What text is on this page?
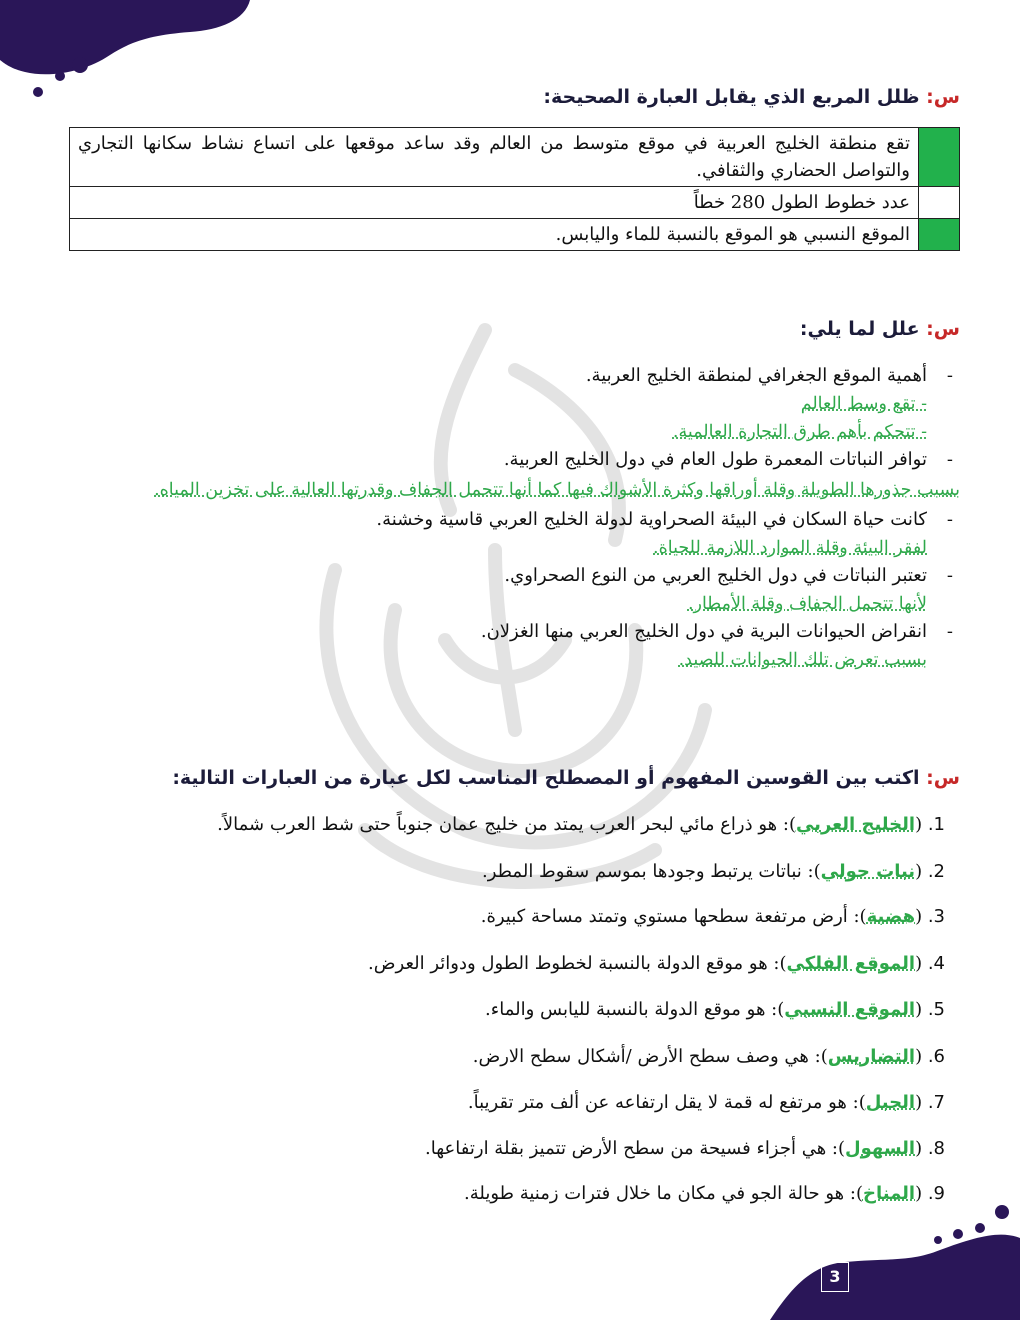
س: ظلل المربع الذي يقابل العبارة الصحيحة:
	تقع منطقة الخليج العربية في موقع متوسط من العالم وقد ساعد موقعها على اتساع نشاط سكانها التجاري والتواصل الحضاري والثقافي.
	عدد خطوط الطول 280 خطاً
	الموقع النسبي هو الموقع بالنسبة للماء واليابس.
س: علل لما يلي:
- أهمية الموقع الجغرافي لمنطقة الخليج العربية.
- تقع وسط العالم
- تتحكم بأهم طرق التجارة العالمية.
- توافر النباتات المعمرة طول العام في دول الخليج العربية.
بسبب جذورها الطويلة وقلة أوراقها وكثرة الأشواك فيها كما أنها تتحمل الجفاف وقدرتها العالية على تخزين المياه.
- كانت حياة السكان في البيئة الصحراوية لدولة الخليج العربي قاسية وخشنة.
لفقر البيئة وقلة الموارد اللازمة للحياة.
- تعتبر النباتات في دول الخليج العربي من النوع الصحراوي.
لأنها تتحمل الجفاف وقلة الأمطار.
- انقراض الحيوانات البرية في دول الخليج العربي منها الغزلان.
بسبب تعرض تلك الحيوانات للصيد.
س: اكتب بين القوسين المفهوم أو المصطلح المناسب لكل عبارة من العبارات التالية:
1. (الخليج العربي): هو ذراع مائي لبحر العرب يمتد من خليج عمان جنوباً حتى شط العرب شمالاً.
2. (نبات حولي): نباتات يرتبط وجودها بموسم سقوط المطر.
3. (هضبة): أرض مرتفعة سطحها مستوي وتمتد مساحة كبيرة.
4. (الموقع الفلكي): هو موقع الدولة بالنسبة لخطوط الطول ودوائر العرض.
5. (الموقع النسبي): هو موقع الدولة بالنسبة لليابس والماء.
6. (التضاريس): هي وصف سطح الأرض /أشكال سطح الارض.
7. (الجبل): هو مرتفع له قمة لا يقل ارتفاعه عن ألف متر تقريباً.
8. (السهول): هي أجزاء فسيحة من سطح الأرض تتميز بقلة ارتفاعها.
9. (المناخ): هو حالة الجو في مكان ما خلال فترات زمنية طويلة.
3
